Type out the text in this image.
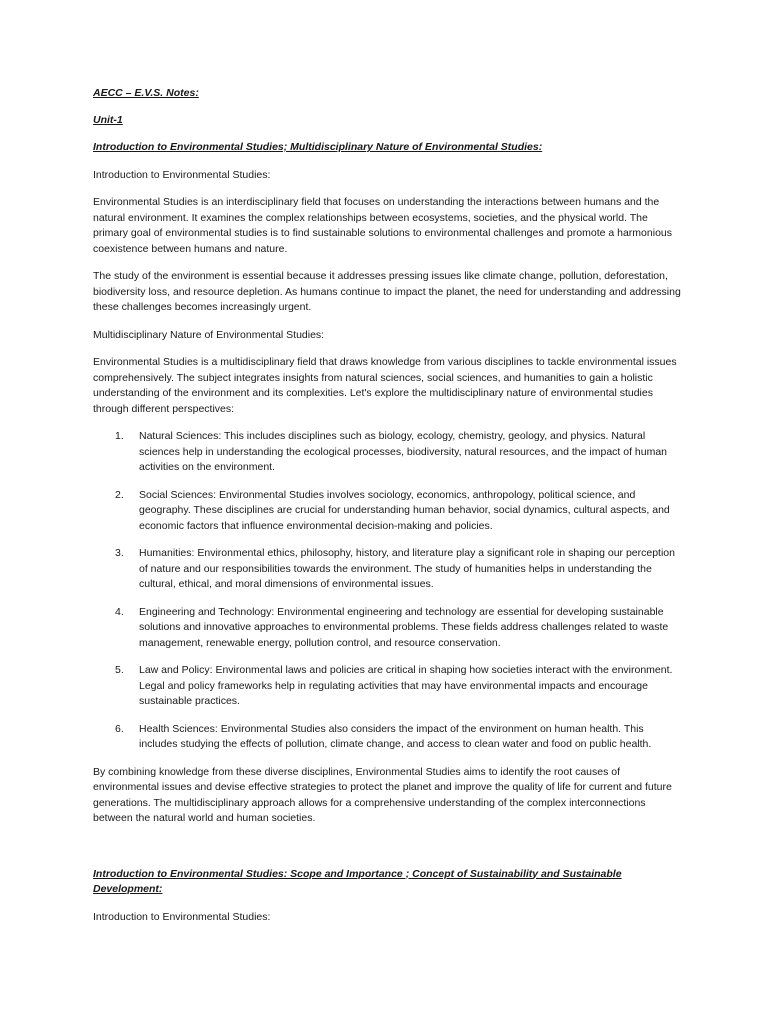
AECC – E.V.S. Notes:
Unit-1
Introduction to Environmental Studies; Multidisciplinary Nature of Environmental Studies:
Introduction to Environmental Studies:

Environmental Studies is an interdisciplinary field that focuses on understanding the interactions between humans and the natural environment. It examines the complex relationships between ecosystems, societies, and the physical world. The primary goal of environmental studies is to find sustainable solutions to environmental challenges and promote a harmonious coexistence between humans and nature.

The study of the environment is essential because it addresses pressing issues like climate change, pollution, deforestation, biodiversity loss, and resource depletion. As humans continue to impact the planet, the need for understanding and addressing these challenges becomes increasingly urgent.

Multidisciplinary Nature of Environmental Studies:

Environmental Studies is a multidisciplinary field that draws knowledge from various disciplines to tackle environmental issues comprehensively. The subject integrates insights from natural sciences, social sciences, and humanities to gain a holistic understanding of the environment and its complexities. Let's explore the multidisciplinary nature of environmental studies through different perspectives:

1.	Natural Sciences: This includes disciplines such as biology, ecology, chemistry, geology, and physics. Natural sciences help in understanding the ecological processes, biodiversity, natural resources, and the impact of human activities on the environment.
2.	Social Sciences: Environmental Studies involves sociology, economics, anthropology, political science, and geography. These disciplines are crucial for understanding human behavior, social dynamics, cultural aspects, and economic factors that influence environmental decision-making and policies.
3.	Humanities: Environmental ethics, philosophy, history, and literature play a significant role in shaping our perception of nature and our responsibilities towards the environment. The study of humanities helps in understanding the cultural, ethical, and moral dimensions of environmental issues.
4.	Engineering and Technology: Environmental engineering and technology are essential for developing sustainable solutions and innovative approaches to environmental problems. These fields address challenges related to waste management, renewable energy, pollution control, and resource conservation.
5.	Law and Policy: Environmental laws and policies are critical in shaping how societies interact with the environment. Legal and policy frameworks help in regulating activities that may have environmental impacts and encourage sustainable practices.
6.	Health Sciences: Environmental Studies also considers the impact of the environment on human health. This includes studying the effects of pollution, climate change, and access to clean water and food on public health.

By combining knowledge from these diverse disciplines, Environmental Studies aims to identify the root causes of environmental issues and devise effective strategies to protect the planet and improve the quality of life for current and future generations. The multidisciplinary approach allows for a comprehensive understanding of the complex interconnections between the natural world and human societies.

Introduction to Environmental Studies: Scope and Importance ; Concept of Sustainability and Sustainable Development:
Introduction to Environmental Studies:
